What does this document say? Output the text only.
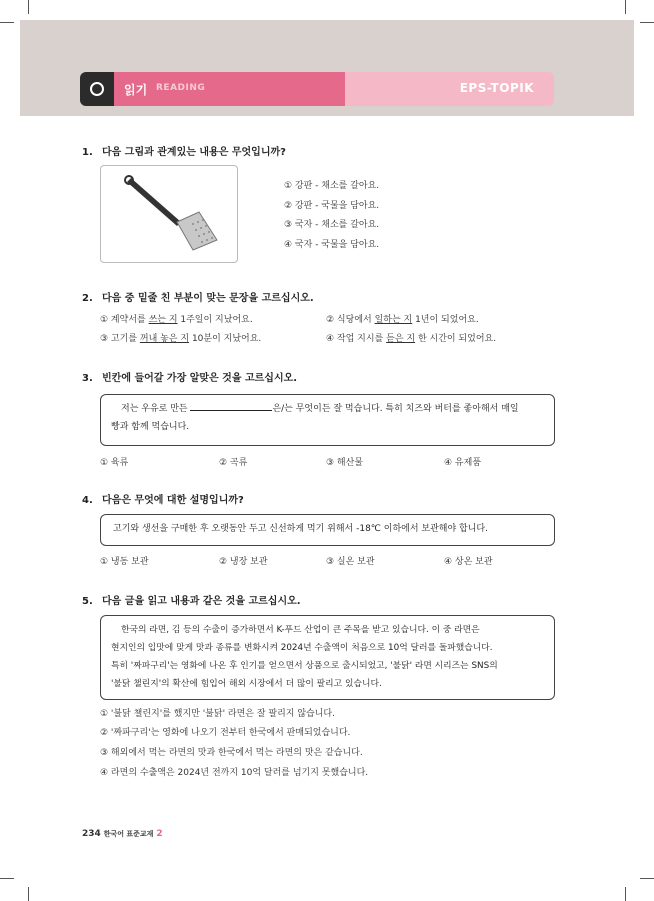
읽기 READING	EPS-TOPIK
1. 다음 그림과 관계있는 내용은 무엇입니까?
① 강판 - 채소를 갈아요.
② 강판 - 국물을 담아요.
③ 국자 - 채소를 갈아요.
④ 국자 - 국물을 담아요.
2. 다음 중 밑줄 친 부분이 맞는 문장을 고르십시오.
① 계약서를 쓰는 지 1주일이 지났어요.	② 식당에서 일하는 지 1년이 되었어요.
③ 고기를 꺼내 놓은 지 10분이 지났어요.	④ 작업 지시를 듣은 지 한 시간이 되었어요.
3. 빈칸에 들어갈 가장 알맞은 것을 고르십시오.
저는 우유로 만든	은/는 무엇이든 잘 먹습니다. 특히 치즈와 버터를 좋아해서 매일
빵과 함께 먹습니다.
① 육류	② 곡류	③ 해산물	④ 유제품
4. 다음은 무엇에 대한 설명입니까?
고기와 생선을 구매한 후 오랫동안 두고 신선하게 먹기 위해서 -18℃ 이하에서 보관해야 합니다.
① 냉동 보관	② 냉장 보관	③ 실온 보관	④ 상온 보관
5. 다음 글을 읽고 내용과 같은 것을 고르십시오.
한국의 라면, 김 등의 수출이 증가하면서 K-푸드 산업이 큰 주목을 받고 있습니다. 이 중 라면은
현지인의 입맛에 맞게 맛과 종류를 변화시켜 2024년 수출액이 처음으로 10억 달러를 돌파했습니다.
특히 '짜파구리'는 영화에 나온 후 인기를 얻으면서 상품으로 출시되었고, '불닭' 라면 시리즈는 SNS의
'불닭 챌린지'의 확산에 힘입어 해외 시장에서 더 많이 팔리고 있습니다.
① '불닭 챌린지'를 했지만 '불닭' 라면은 잘 팔리지 않습니다.
② '짜파구리'는 영화에 나오기 전부터 한국에서 판매되었습니다.
③ 해외에서 먹는 라면의 맛과 한국에서 먹는 라면의 맛은 같습니다.
④ 라면의 수출액은 2024년 전까지 10억 달러를 넘기지 못했습니다.
234 한국어 표준교재 2
